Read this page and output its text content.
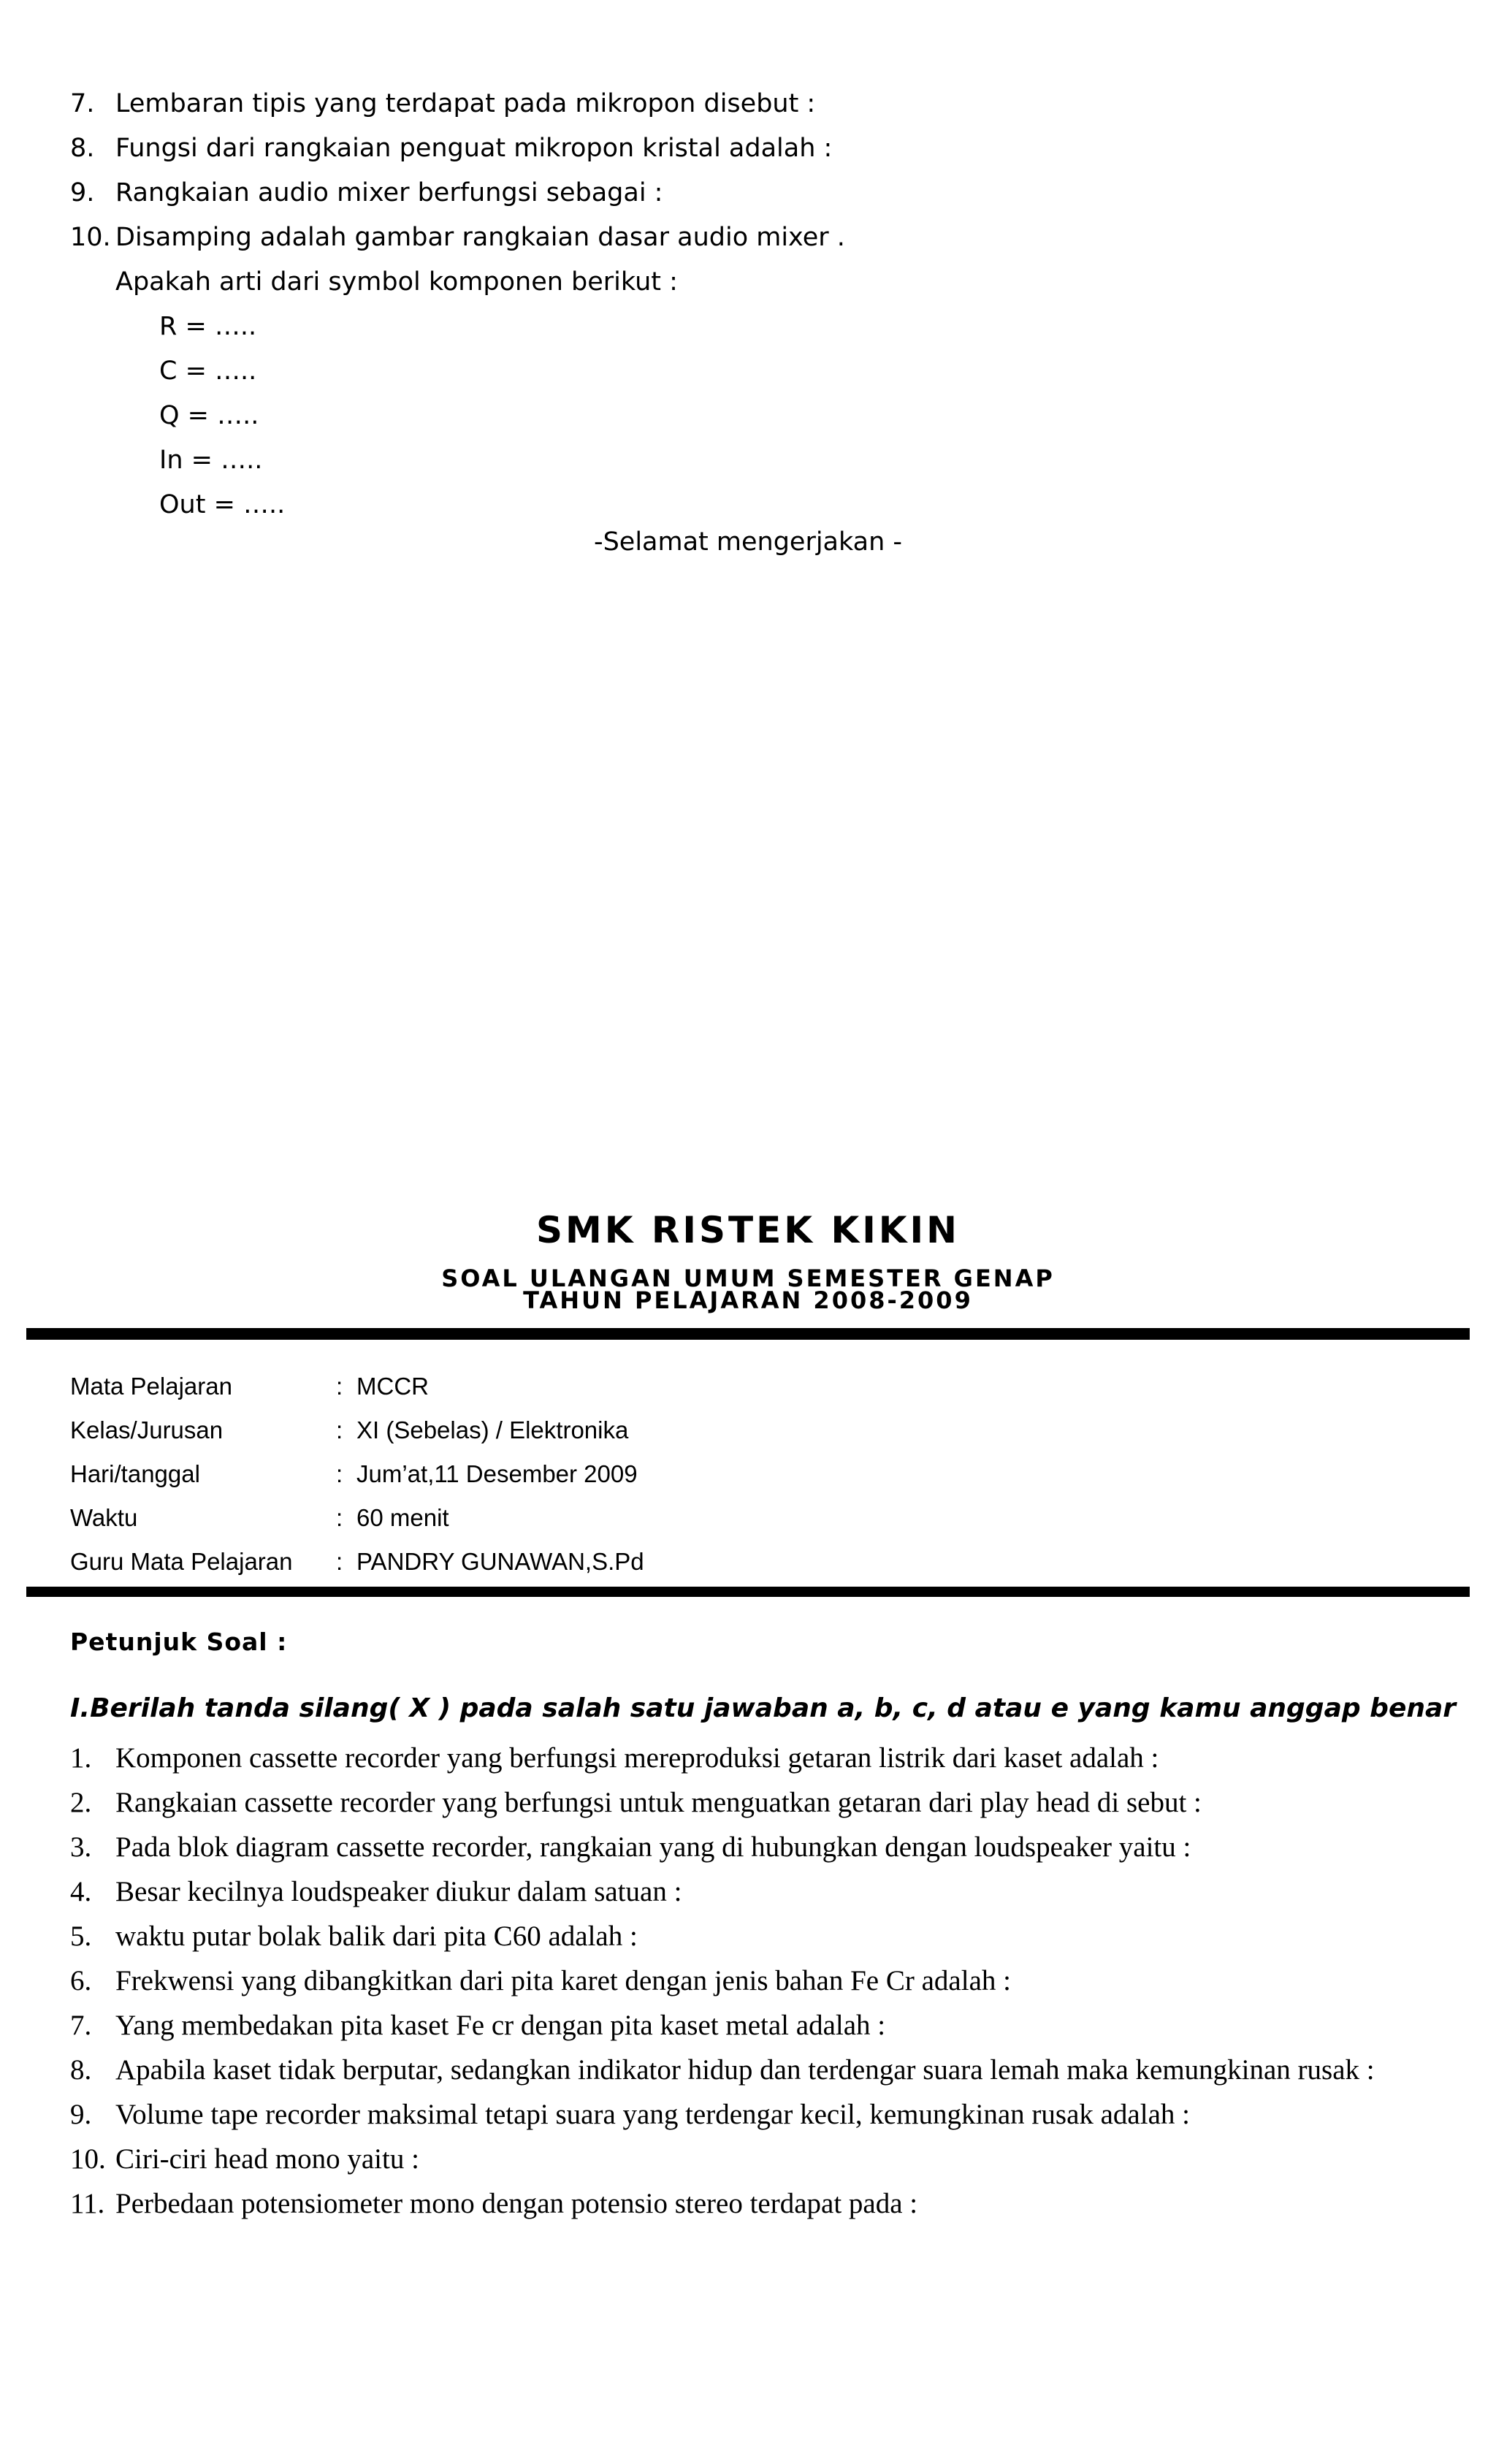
7. Lembaran tipis yang terdapat pada mikropon disebut :
8. Fungsi dari rangkaian penguat mikropon kristal adalah :
9. Rangkaian audio mixer berfungsi sebagai :
10. Disamping adalah gambar rangkaian dasar audio mixer .
Apakah arti dari symbol komponen berikut :
R = …..
C = …..
Q = …..
In = …..
Out = …..
-Selamat mengerjakan -
SMK RISTEK KIKIN
SOAL ULANGAN UMUM SEMESTER GENAP
TAHUN PELAJARAN 2008-2009
Mata Pelajaran	: MCCR
Kelas/Jurusan	: XI (Sebelas) / Elektronika
Hari/tanggal	: Jum’at,11 Desember 2009
Waktu	: 60 menit
Guru Mata Pelajaran	: PANDRY GUNAWAN,S.Pd
Petunjuk Soal :
I.Berilah tanda silang( X ) pada salah satu jawaban a, b, c, d atau e yang kamu anggap benar
1. Komponen cassette recorder yang berfungsi mereproduksi getaran listrik dari kaset adalah :
2. Rangkaian cassette recorder yang berfungsi untuk menguatkan getaran dari play head di sebut :
3. Pada blok diagram cassette recorder, rangkaian yang di hubungkan dengan loudspeaker yaitu :
4. Besar kecilnya loudspeaker diukur dalam satuan :
5. waktu putar bolak balik dari pita C60 adalah :
6. Frekwensi yang dibangkitkan dari pita karet dengan jenis bahan Fe Cr adalah :
7. Yang membedakan pita kaset Fe cr dengan pita kaset metal adalah :
8. Apabila kaset tidak berputar, sedangkan indikator hidup dan terdengar suara lemah maka kemungkinan rusak :
9. Volume tape recorder maksimal tetapi suara yang terdengar kecil, kemungkinan rusak adalah :
10. Ciri-ciri head mono yaitu :
11. Perbedaan potensiometer mono dengan potensio stereo terdapat pada :
